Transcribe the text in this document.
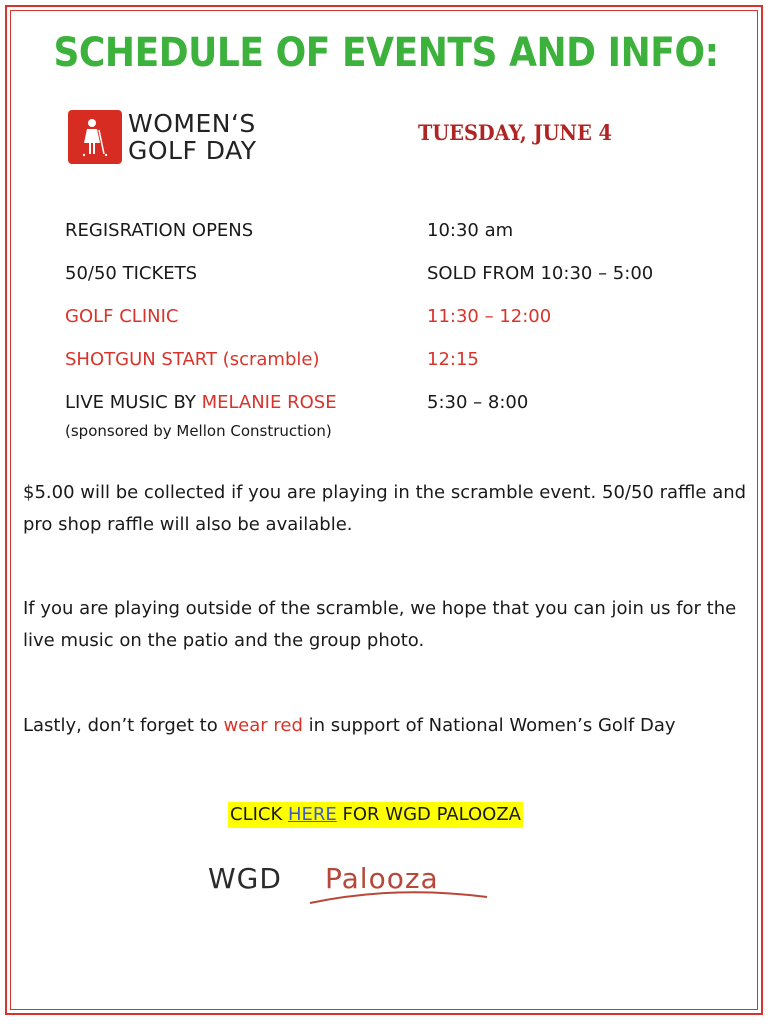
SCHEDULE OF EVENTS AND INFO:
WOMEN‘S
GOLF DAY
TUESDAY, JUNE 4
REGISRATION OPENS	10:30 am
50/50 TICKETS	SOLD FROM 10:30 – 5:00
GOLF CLINIC	11:30 – 12:00
SHOTGUN START (scramble)	12:15
LIVE MUSIC BY MELANIE ROSE	5:30 – 8:00
(sponsored by Mellon Construction)
$5.00 will be collected if you are playing in the scramble event. 50/50 raffle and pro shop raffle will also be available.
If you are playing outside of the scramble, we hope that you can join us for the live music on the patio and the group photo.
Lastly, don’t forget to wear red in support of National Women’s Golf Day
CLICK HERE FOR WGD PALOOZA
WGD Palooza
